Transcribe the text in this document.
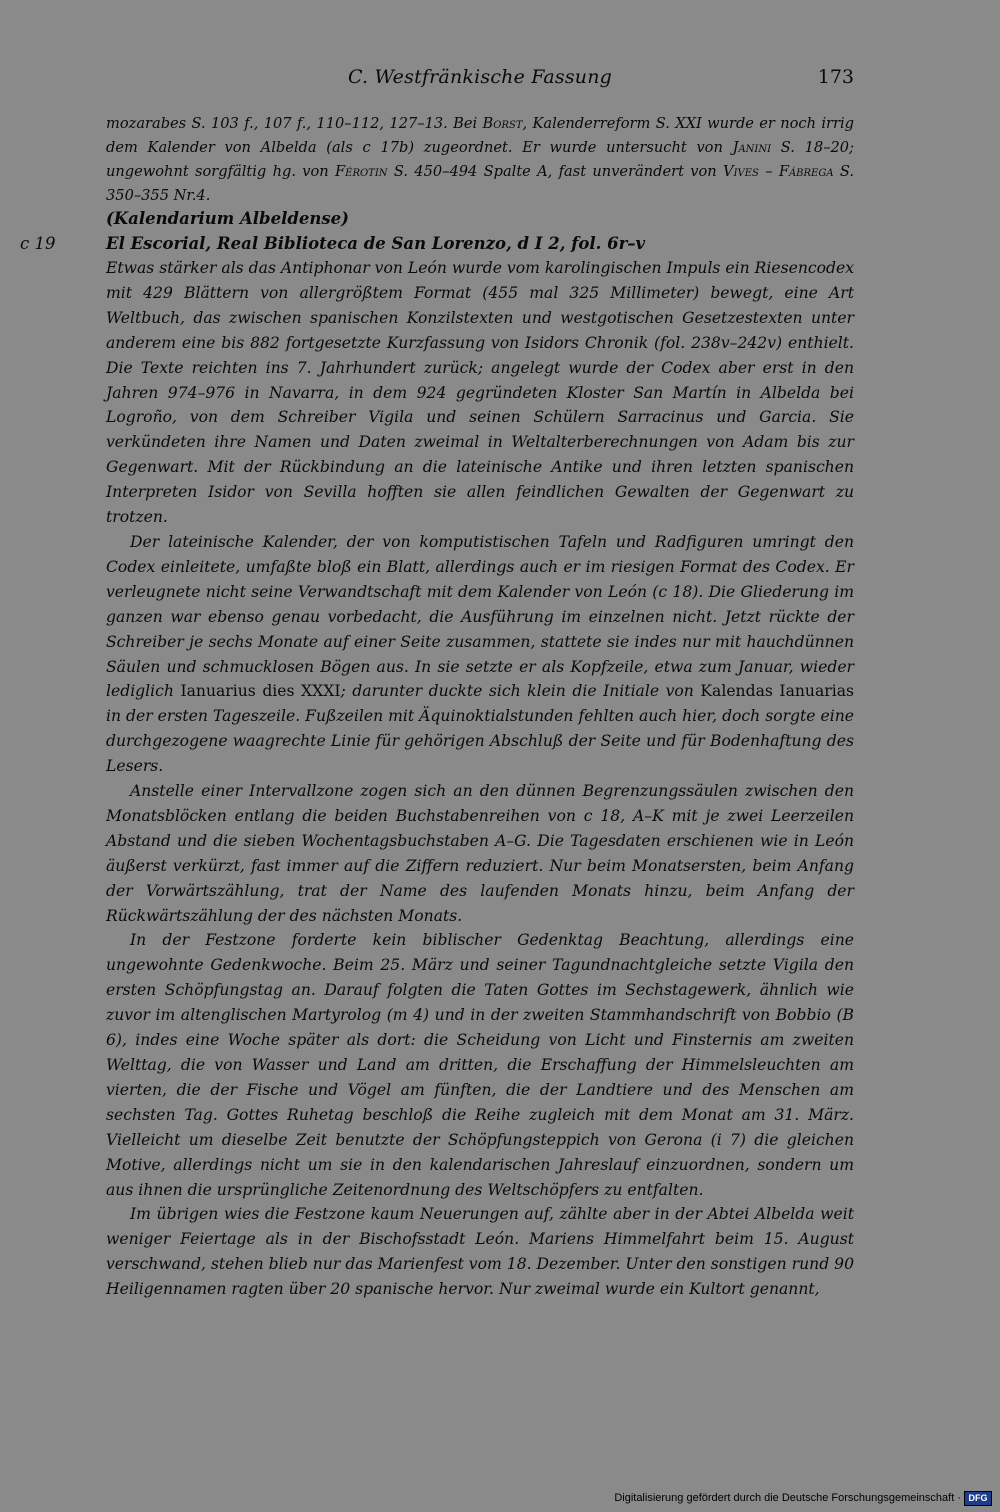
C. Westfränkische Fassung	173
mozarabes S. 103 f., 107 f., 110–112, 127–13. Bei Borst, Kalenderreform S. XXI wurde er noch irrig dem Kalender von Albelda (als c 17b) zugeordnet. Er wurde untersucht von Janini S. 18–20; ungewohnt sorgfältig hg. von Férotin S. 450–494 Spalte A, fast unverändert von Vives – Fábrega S. 350–355 Nr.4.
c 19
(Kalendarium Albeldense)
El Escorial, Real Biblioteca de San Lorenzo, d I 2, fol. 6r–v

Etwas stärker als das Antiphonar von León wurde vom karolingischen Impuls ein Riesencodex mit 429 Blättern von allergrößtem Format (455 mal 325 Millimeter) bewegt, eine Art Weltbuch, das zwischen spanischen Konzilstexten und westgotischen Gesetzestexten unter anderem eine bis 882 fortgesetzte Kurzfassung von Isidors Chronik (fol. 238v–242v) enthielt. Die Texte reichten ins 7. Jahrhundert zurück; angelegt wurde der Codex aber erst in den Jahren 974–976 in Navarra, in dem 924 gegründeten Kloster San Martín in Albelda bei Logroño, von dem Schreiber Vigila und seinen Schülern Sarracinus und Garcia. Sie verkündeten ihre Namen und Daten zweimal in Weltalterberechnungen von Adam bis zur Gegenwart. Mit der Rückbindung an die lateinische Antike und ihren letzten spanischen Interpreten Isidor von Sevilla hofften sie allen feindlichen Gewalten der Gegenwart zu trotzen.

Der lateinische Kalender, der von komputistischen Tafeln und Radfiguren umringt den Codex einleitete, umfaßte bloß ein Blatt, allerdings auch er im riesigen Format des Codex. Er verleugnete nicht seine Verwandtschaft mit dem Kalender von León (c 18). Die Gliederung im ganzen war ebenso genau vorbedacht, die Ausführung im einzelnen nicht. Jetzt rückte der Schreiber je sechs Monate auf einer Seite zusammen, stattete sie indes nur mit hauchdünnen Säulen und schmucklosen Bögen aus. In sie setzte er als Kopfzeile, etwa zum Januar, wieder lediglich Ianuarius dies XXXI; darunter duckte sich klein die Initiale von Kalendas Ianuarias in der ersten Tageszeile. Fußzeilen mit Äquinoktialstunden fehlten auch hier, doch sorgte eine durchgezogene waagrechte Linie für gehörigen Abschluß der Seite und für Bodenhaftung des Lesers.

Anstelle einer Intervallzone zogen sich an den dünnen Begrenzungssäulen zwischen den Monatsblöcken entlang die beiden Buchstabenreihen von c 18, A–K mit je zwei Leerzeilen Abstand und die sieben Wochentagsbuchstaben A–G. Die Tagesdaten erschienen wie in León äußerst verkürzt, fast immer auf die Ziffern reduziert. Nur beim Monatsersten, beim Anfang der Vorwärtszählung, trat der Name des laufenden Monats hinzu, beim Anfang der Rückwärtszählung der des nächsten Monats.

In der Festzone forderte kein biblischer Gedenktag Beachtung, allerdings eine ungewohnte Gedenkwoche. Beim 25. März und seiner Tagundnachtgleiche setzte Vigila den ersten Schöpfungstag an. Darauf folgten die Taten Gottes im Sechstagewerk, ähnlich wie zuvor im altenglischen Martyrolog (m 4) und in der zweiten Stammhandschrift von Bobbio (B 6), indes eine Woche später als dort: die Scheidung von Licht und Finsternis am zweiten Welttag, die von Wasser und Land am dritten, die Erschaffung der Himmelsleuchten am vierten, die der Fische und Vögel am fünften, die der Landtiere und des Menschen am sechsten Tag. Gottes Ruhetag beschloß die Reihe zugleich mit dem Monat am 31. März. Vielleicht um dieselbe Zeit benutzte der Schöpfungsteppich von Gerona (i 7) die gleichen Motive, allerdings nicht um sie in den kalendarischen Jahreslauf einzuordnen, sondern um aus ihnen die ursprüngliche Zeitenordnung des Weltschöpfers zu entfalten.

Im übrigen wies die Festzone kaum Neuerungen auf, zählte aber in der Abtei Albelda weit weniger Feiertage als in der Bischofsstadt León. Mariens Himmelfahrt beim 15. August verschwand, stehen blieb nur das Marienfest vom 18. Dezember. Unter den sonstigen rund 90 Heiligennamen ragten über 20 spanische hervor. Nur zweimal wurde ein Kultort genannt,

Digitalisierung gefördert durch die Deutsche Forschungsgemeinschaft · DFG
